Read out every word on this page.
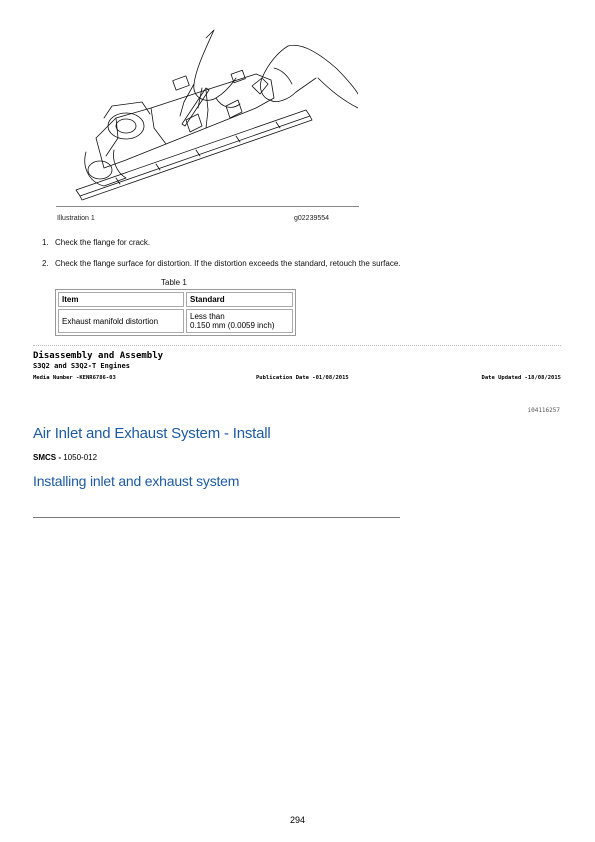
Illustration 1	g02239554
1. Check the flange for crack.
2. Check the flange surface for distortion. If the distortion exceeds the standard, retouch the surface.
Table 1
Item	Standard
Exhaust manifold distortion	Less than
0.150 mm (0.0059 inch)
Disassembly and Assembly
S3Q2 and S3Q2-T Engines
Media Number -KENR6786-03	Publication Date -01/08/2015	Date Updated -18/08/2015
i04116257
Air Inlet and Exhaust System - Install
SMCS - 1050-012
Installing inlet and exhaust system
294
